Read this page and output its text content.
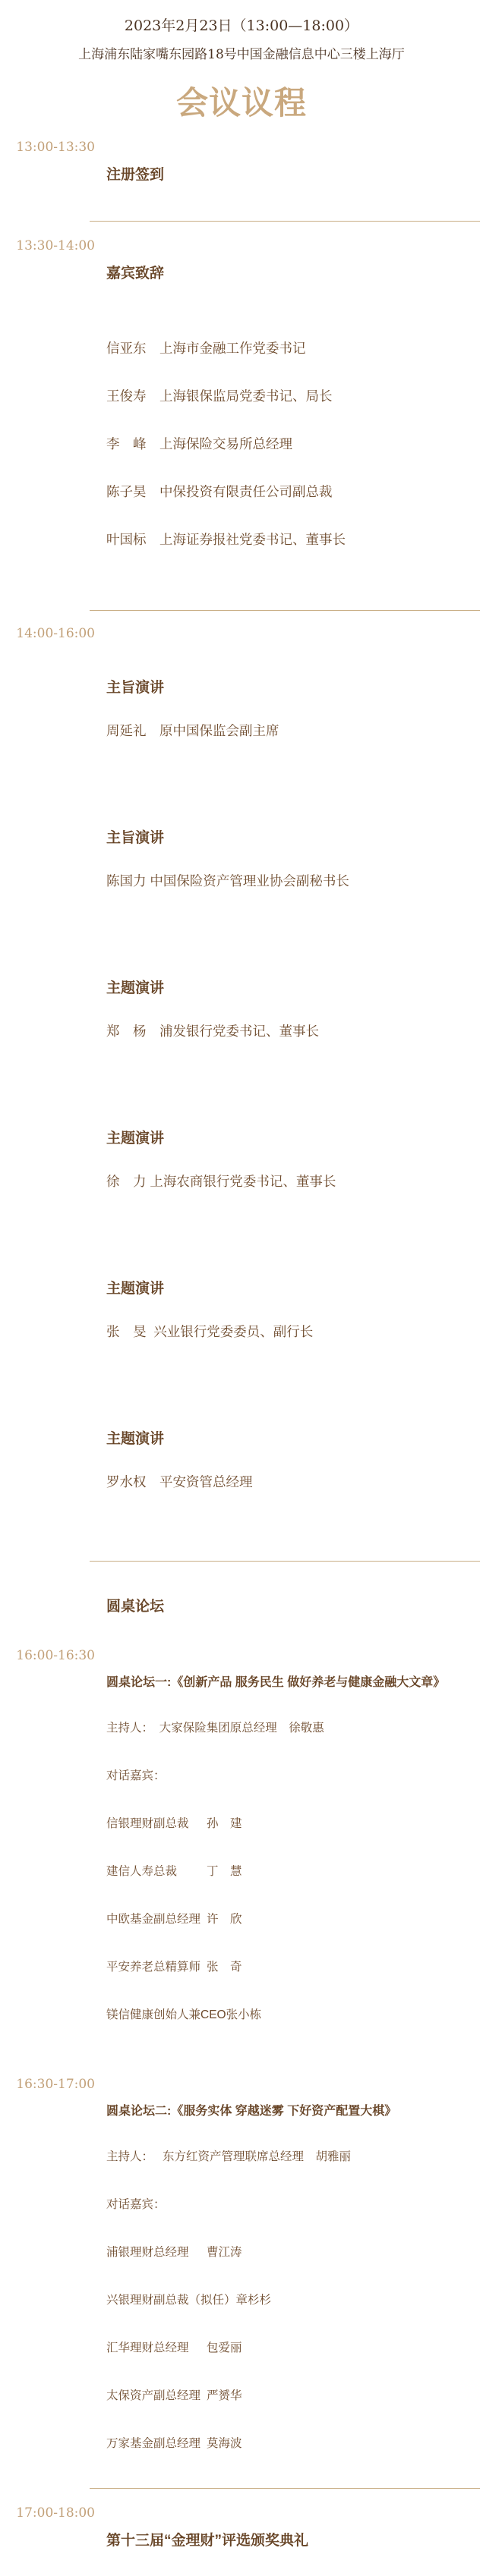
2023年2月23日（13:00—18:00）
上海浦东陆家嘴东园路18号中国金融信息中心三楼上海厅
会议议程
13:00-13:30

注册签到

13:30-14:00

嘉宾致辞

信亚东　上海市金融工作党委书记

王俊寿　上海银保监局党委书记、局长

李　峰　上海保险交易所总经理

陈子昊　中保投资有限责任公司副总裁

叶国标　上海证券报社党委书记、董事长

14:00-16:00

主旨演讲

周延礼　原中国保监会副主席

主旨演讲

陈国力 中国保险资产管理业协会副秘书长

主题演讲

郑　杨　浦发银行党委书记、董事长

主题演讲

徐　力 上海农商银行党委书记、董事长

主题演讲

张　旻  兴业银行党委委员、副行长

主题演讲

罗水权　平安资管总经理

圆桌论坛

16:00-16:30

圆桌论坛一:《创新产品 服务民生 做好养老与健康金融大文章》

主持人：　大家保险集团原总经理　徐敬惠

对话嘉宾：

信银理财副总裁	孙　建

建信人寿总裁	丁　慧

中欧基金副总经理 许　欣

平安养老总精算师 张　奇

镁信健康创始人兼CEO 张小栋

16:30-17:00

圆桌论坛二:《服务实体 穿越迷雾 下好资产配置大棋》

主持人：　 东方红资产管理联席总经理　胡雅丽

对话嘉宾：

浦银理财总经理	曹江涛

兴银理财副总裁（拟任） 章杉杉

汇华理财总经理	包爱丽

太保资产副总经理 严赟华

万家基金副总经理 莫海波

17:00-18:00

第十三届“金理财”评选颁奖典礼
